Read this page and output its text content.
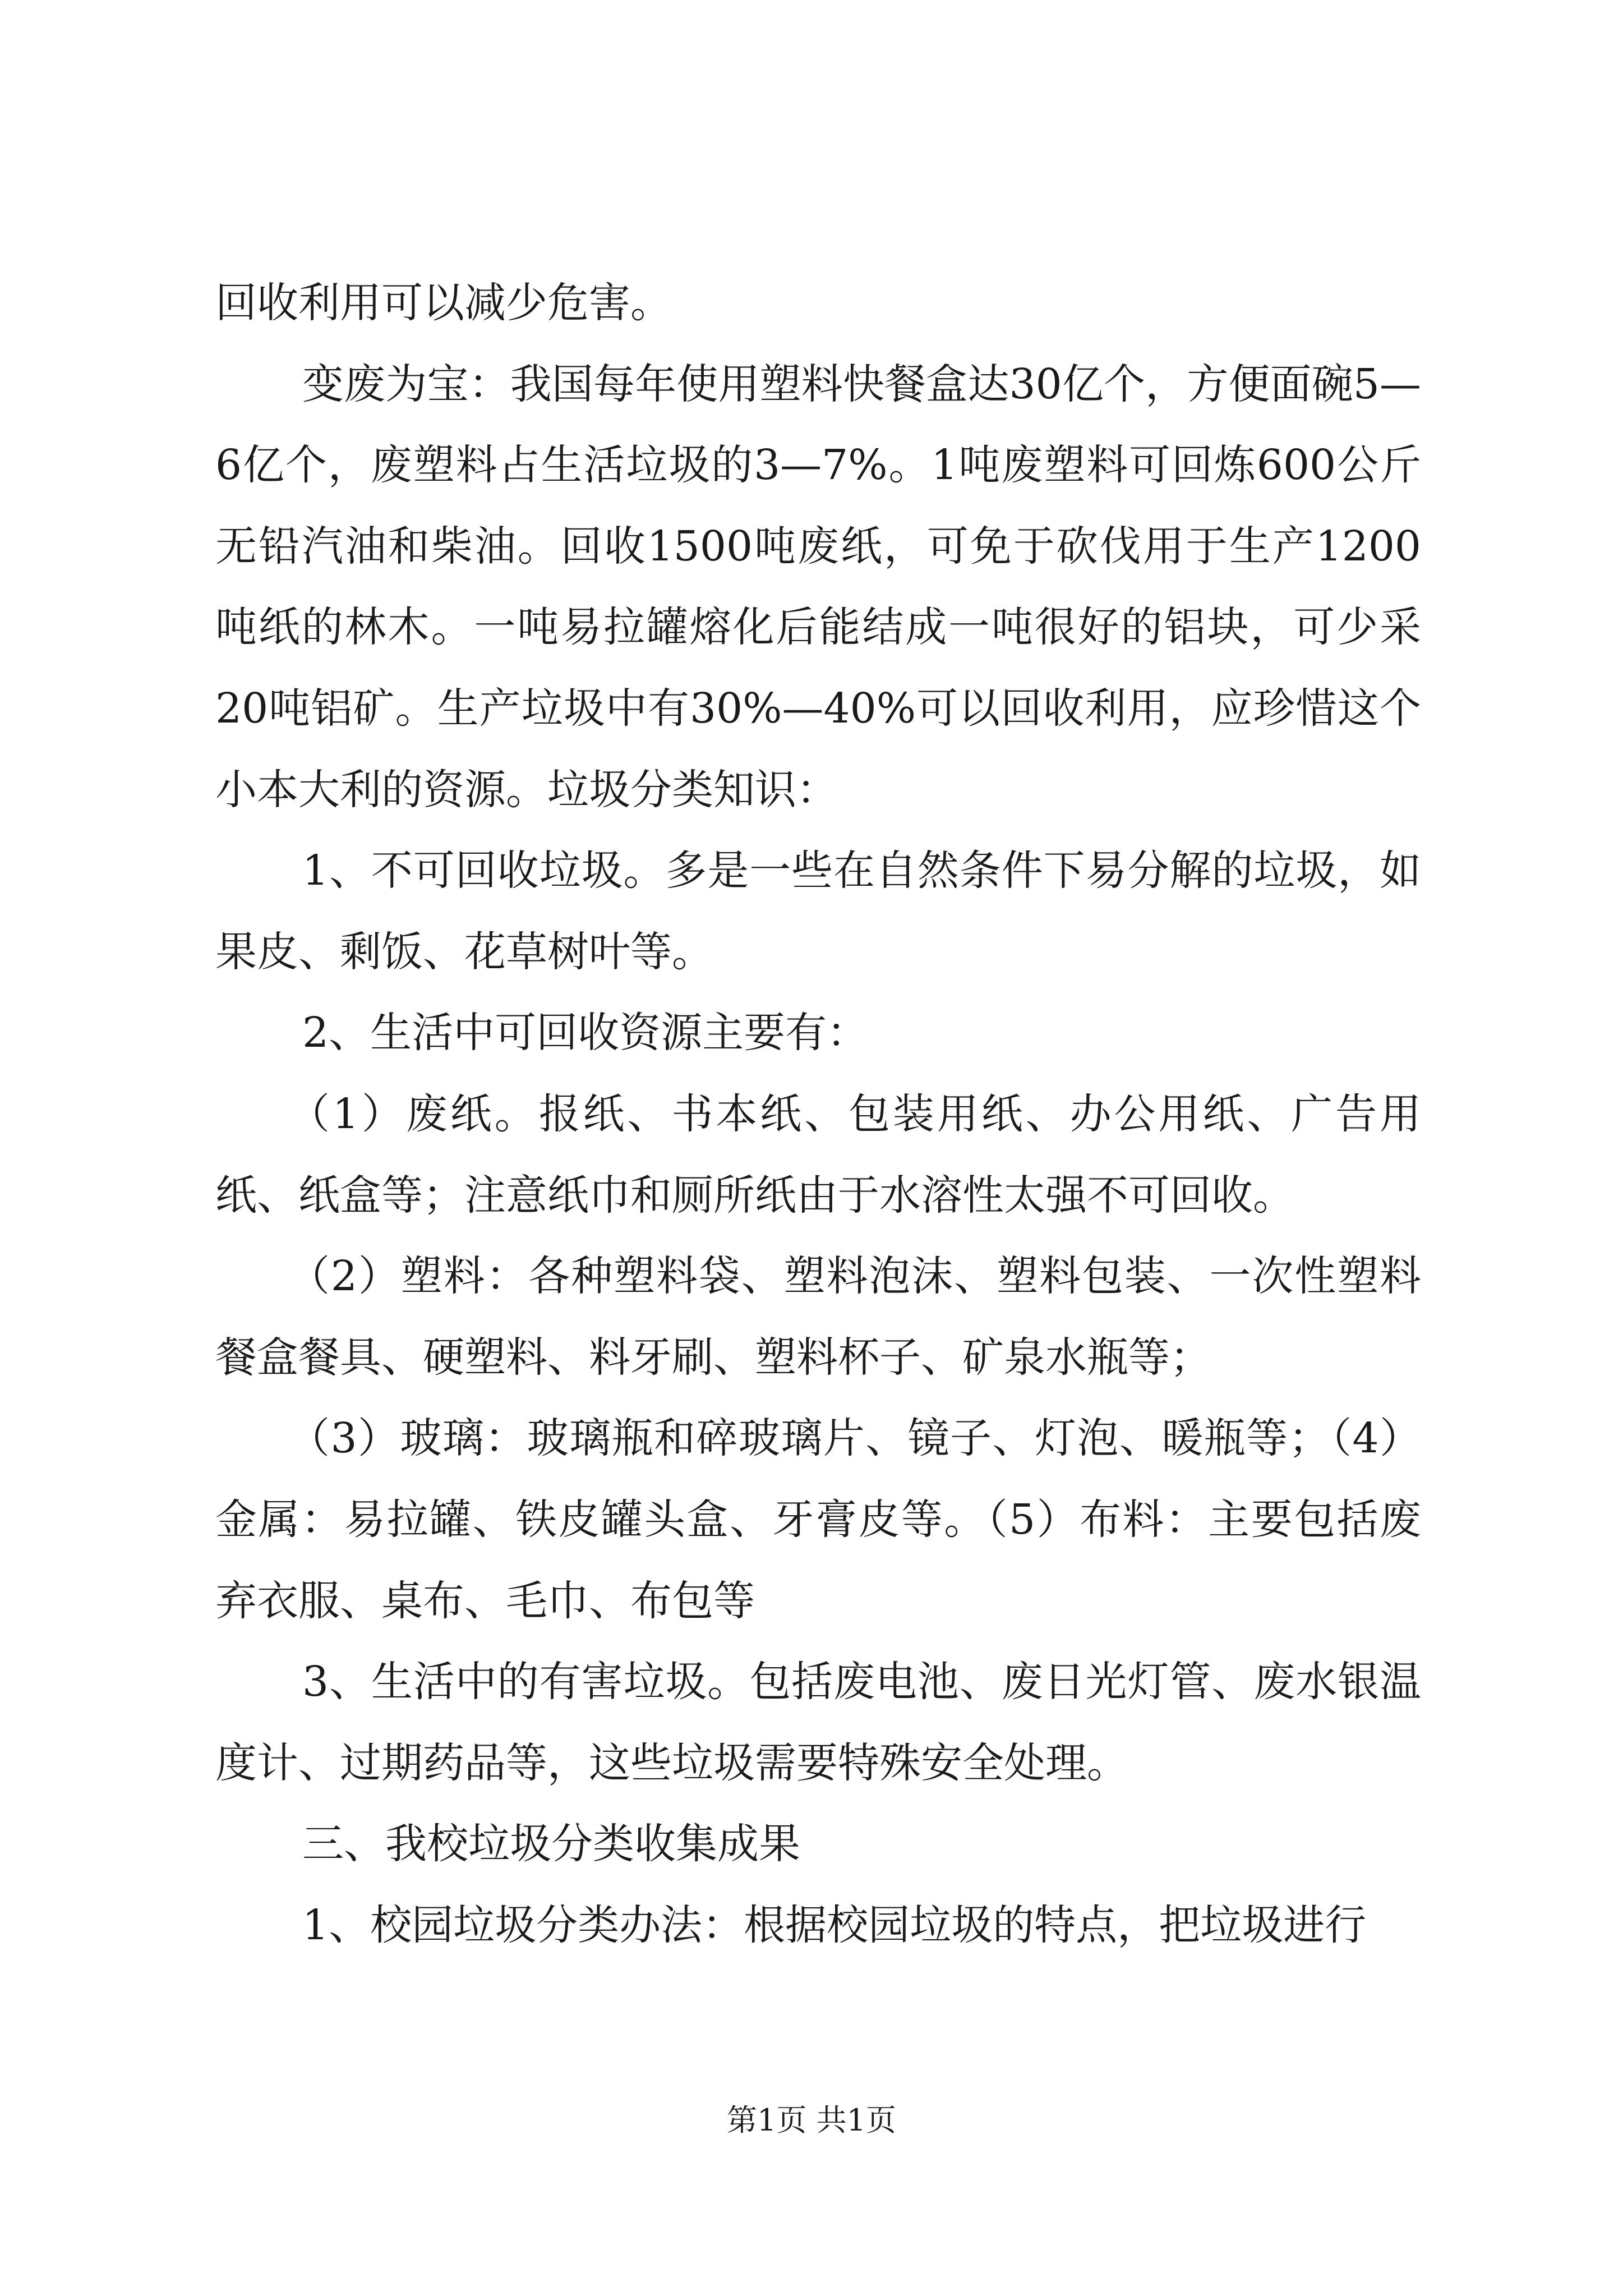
回收利用可以减少危害。

变废为宝：我国每年使用塑料快餐盒达30亿个，方便面碗5—6亿个，废塑料占生活垃圾的3—7%。1吨废塑料可回炼600公斤无铅汽油和柴油。回收1500吨废纸，可免于砍伐用于生产1200吨纸的林木。一吨易拉罐熔化后能结成一吨很好的铝块，可少采20吨铝矿。生产垃圾中有30%—40%可以回收利用，应珍惜这个小本大利的资源。垃圾分类知识：

1、不可回收垃圾。多是一些在自然条件下易分解的垃圾，如果皮、剩饭、花草树叶等。

2、生活中可回收资源主要有：

（1）废纸。报纸、书本纸、包装用纸、办公用纸、广告用纸、纸盒等；注意纸巾和厕所纸由于水溶性太强不可回收。

（2）塑料：各种塑料袋、塑料泡沫、塑料包装、一次性塑料餐盒餐具、硬塑料、料牙刷、塑料杯子、矿泉水瓶等；

（3）玻璃：玻璃瓶和碎玻璃片、镜子、灯泡、暖瓶等；（4）金属：易拉罐、铁皮罐头盒、牙膏皮等。（5）布料：主要包括废弃衣服、桌布、毛巾、布包等

3、生活中的有害垃圾。包括废电池、废日光灯管、废水银温度计、过期药品等，这些垃圾需要特殊安全处理。

三、我校垃圾分类收集成果

1、校园垃圾分类办法：根据校园垃圾的特点，把垃圾进行

第1页 共1页
